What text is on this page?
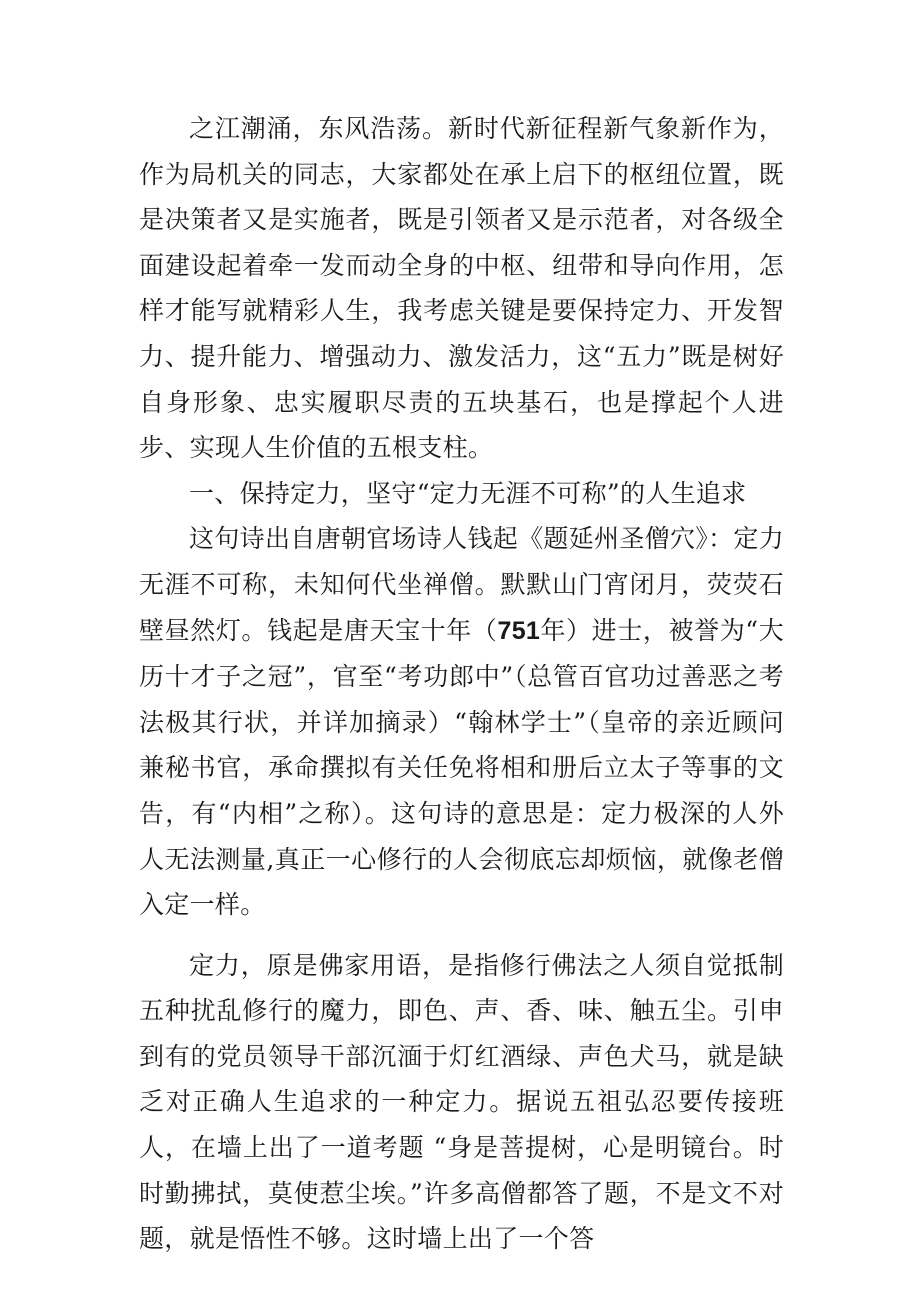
之江潮涌，东风浩荡。新时代新征程新气象新作为，作为局机关的同志，大家都处在承上启下的枢纽位置，既是决策者又是实施者，既是引领者又是示范者，对各级全面建设起着牵一发而动全身的中枢、纽带和导向作用，怎样才能写就精彩人生，我考虑关键是要保持定力、开发智力、提升能力、增强动力、激发活力，这“五力”既是树好自身形象、忠实履职尽责的五块基石，也是撑起个人进步、实现人生价值的五根支柱。

一、保持定力，坚守“定力无涯不可称”的人生追求

这句诗出自唐朝官场诗人钱起《题延州圣僧穴》：定力无涯不可称，未知何代坐禅僧。默默山门宵闭月，荧荧石壁昼然灯。钱起是唐天宝十年（751年）进士，被誉为“大历十才子之冠”，官至“考功郎中”（总管百官功过善恶之考法极其行状，并详加摘录）“翰林学士”（皇帝的亲近顾问兼秘书官，承命撰拟有关任免将相和册后立太子等事的文告，有“内相”之称）。这句诗的意思是：定力极深的人外人无法测量,真正一心修行的人会彻底忘却烦恼，就像老僧入定一样。

定力，原是佛家用语，是指修行佛法之人须自觉抵制五种扰乱修行的魔力，即色、声、香、味、触五尘。引申到有的党员领导干部沉湎于灯红酒绿、声色犬马，就是缺乏对正确人生追求的一种定力。据说五祖弘忍要传接班人，在墙上出了一道考题 “身是菩提树，心是明镜台。时时勤拂拭，莫使惹尘埃。”许多高僧都答了题，不是文不对题，就是悟性不够。这时墙上出了一个答
